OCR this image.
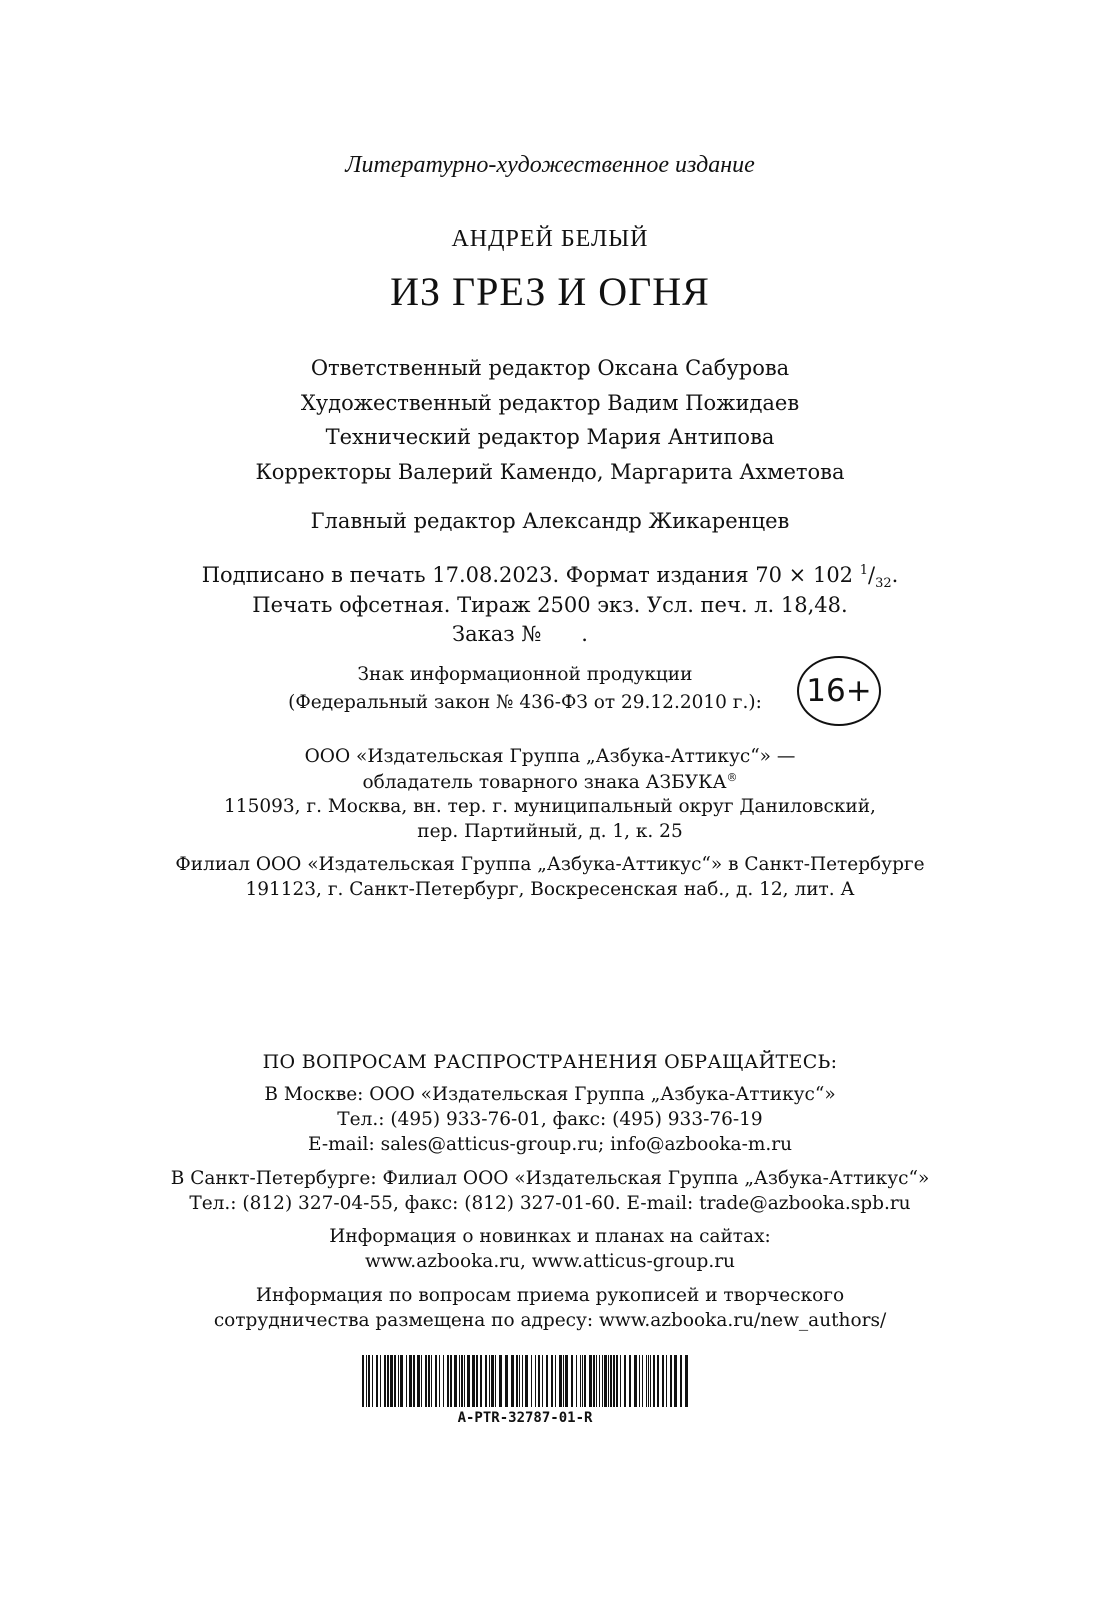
Литературно-художественное издание
АНДРЕЙ БЕЛЫЙ
ИЗ ГРЕЗ И ОГНЯ
Ответственный редактор Оксана Сабурова
Художественный редактор Вадим Пожидаев
Технический редактор Мария Антипова
Корректоры Валерий Камендо, Маргарита Ахметова
Главный редактор Александр Жикаренцев
Подписано в печать 17.08.2023. Формат издания 70 × 102 $^1/_{32}$.
Печать офсетная. Тираж 2500 экз. Усл. печ. л. 18,48.
Заказ № .
Знак информационной продукции
(Федеральный закон № 436-ФЗ от 29.12.2010 г.):	16+
ООО «Издательская Группа „Азбука-Аттикус“» —
обладатель товарного знака АЗБУКА®
115093, г. Москва, вн. тер. г. муниципальный округ Даниловский,
пер. Партийный, д. 1, к. 25
Филиал ООО «Издательская Группа „Азбука-Аттикус“» в Санкт-Петербурге
191123, г. Санкт-Петербург, Воскресенская наб., д. 12, лит. А
ПО ВОПРОСАМ РАСПРОСТРАНЕНИЯ ОБРАЩАЙТЕСЬ:
В Москве: ООО «Издательская Группа „Азбука-Аттикус“»
Тел.: (495) 933-76-01, факс: (495) 933-76-19
E-mail: sales@atticus-group.ru; info@azbooka-m.ru
В Санкт-Петербурге: Филиал ООО «Издательская Группа „Азбука-Аттикус“»
Тел.: (812) 327-04-55, факс: (812) 327-01-60. E-mail: trade@azbooka.spb.ru
Информация о новинках и планах на сайтах:
www.azbooka.ru, www.atticus-group.ru
Информация по вопросам приема рукописей и творческого
сотрудничества размещена по адресу: www.azbooka.ru/new_authors/
A-PTR-32787-01-R
